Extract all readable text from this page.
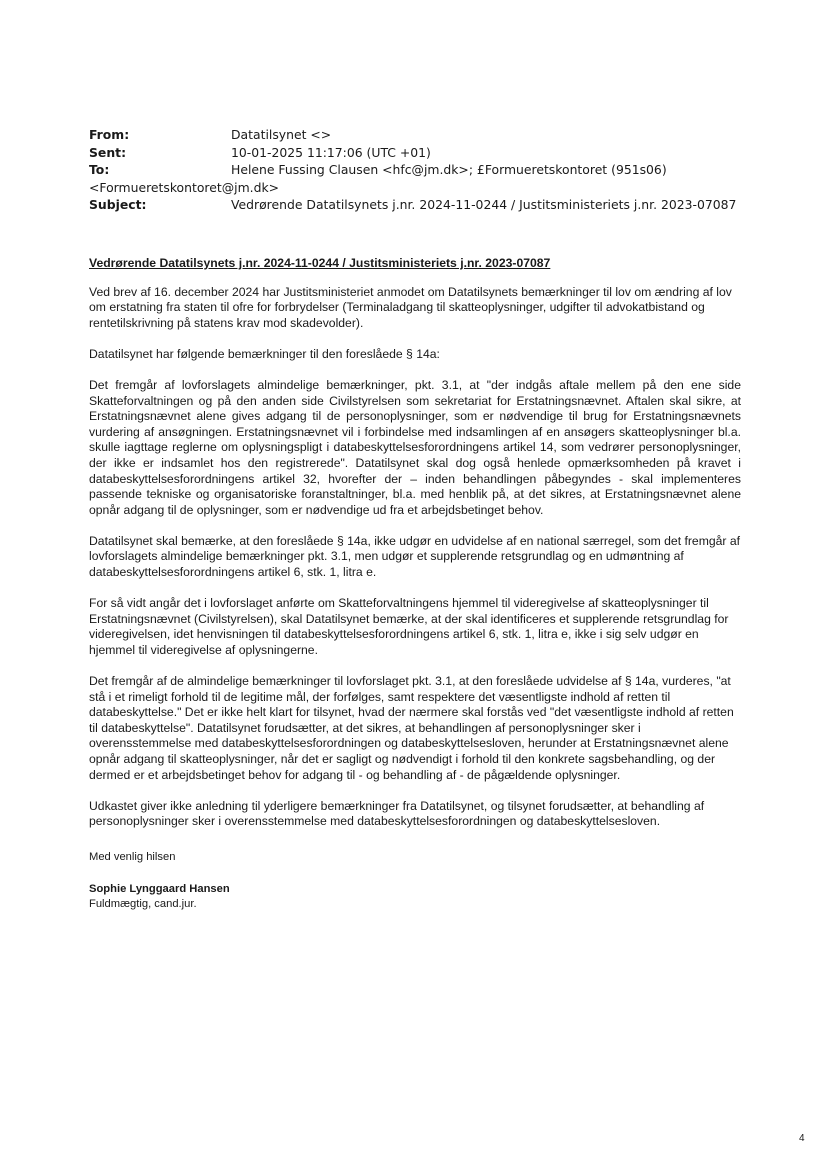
From:	Datatilsynet <>
Sent:	10-01-2025 11:17:06 (UTC +01)
To:	Helene Fussing Clausen <hfc@jm.dk>; £Formueretskontoret (951s06)
<Formueretskontoret@jm.dk>
Subject:	Vedrørende Datatilsynets j.nr. 2024-11-0244 / Justitsministeriets j.nr. 2023-07087
Vedrørende Datatilsynets j.nr. 2024-11-0244 / Justitsministeriets j.nr. 2023-07087

Ved brev af 16. december 2024 har Justitsministeriet anmodet om Datatilsynets bemærkninger til lov om ændring af lov om erstatning fra staten til ofre for forbrydelser (Terminaladgang til skatteoplysninger, udgifter til advokatbistand og rentetilskrivning på statens krav mod skadevolder).

Datatilsynet har følgende bemærkninger til den foreslåede § 14a:

Det fremgår af lovforslagets almindelige bemærkninger, pkt. 3.1, at "der indgås aftale mellem på den ene side Skatteforvaltningen og på den anden side Civilstyrelsen som sekretariat for Erstatningsnævnet. Aftalen skal sikre, at Erstatningsnævnet alene gives adgang til de personoplysninger, som er nødvendige til brug for Erstatningsnævnets vurdering af ansøgningen. Erstatningsnævnet vil i forbindelse med indsamlingen af en ansøgers skatteoplysninger bl.a. skulle iagttage reglerne om oplysningspligt i databeskyttelsesforordningens artikel 14, som vedrører personoplysninger, der ikke er indsamlet hos den registrerede". Datatilsynet skal dog også henlede opmærksomheden på kravet i databeskyttelsesforordningens artikel 32, hvorefter der – inden behandlingen påbegyndes - skal implementeres passende tekniske og organisatoriske foranstaltninger, bl.a. med henblik på, at det sikres, at Erstatningsnævnet alene opnår adgang til de oplysninger, som er nødvendige ud fra et arbejdsbetinget behov.

Datatilsynet skal bemærke, at den foreslåede § 14a, ikke udgør en udvidelse af en national særregel, som det fremgår af lovforslagets almindelige bemærkninger pkt. 3.1, men udgør et supplerende retsgrundlag og en udmøntning af databeskyttelsesforordningens artikel 6, stk. 1, litra e.

For så vidt angår det i lovforslaget anførte om Skatteforvaltningens hjemmel til videregivelse af skatteoplysninger til Erstatningsnævnet (Civilstyrelsen), skal Datatilsynet bemærke, at der skal identificeres et supplerende retsgrundlag for videregivelsen, idet henvisningen til databeskyttelsesforordningens artikel 6, stk. 1, litra e, ikke i sig selv udgør en hjemmel til videregivelse af oplysningerne.

Det fremgår af de almindelige bemærkninger til lovforslaget pkt. 3.1, at den foreslåede udvidelse af § 14a, vurderes, "at stå i et rimeligt forhold til de legitime mål, der forfølges, samt respektere det væsentligste indhold af retten til databeskyttelse." Det er ikke helt klart for tilsynet, hvad der nærmere skal forstås ved "det væsentligste indhold af retten til databeskyttelse". Datatilsynet forudsætter, at det sikres, at behandlingen af personoplysninger sker i overensstemmelse med databeskyttelsesforordningen og databeskyttelsesloven, herunder at Erstatningsnævnet alene opnår adgang til skatteoplysninger, når det er sagligt og nødvendigt i forhold til den konkrete sagsbehandling, og der dermed er et arbejdsbetinget behov for adgang til - og behandling af - de pågældende oplysninger.

Udkastet giver ikke anledning til yderligere bemærkninger fra Datatilsynet, og tilsynet forudsætter, at behandling af personoplysninger sker i overensstemmelse med databeskyttelsesforordningen og databeskyttelsesloven.

Med venlig hilsen
Sophie Lynggaard Hansen
Fuldmægtig, cand.jur.
4
